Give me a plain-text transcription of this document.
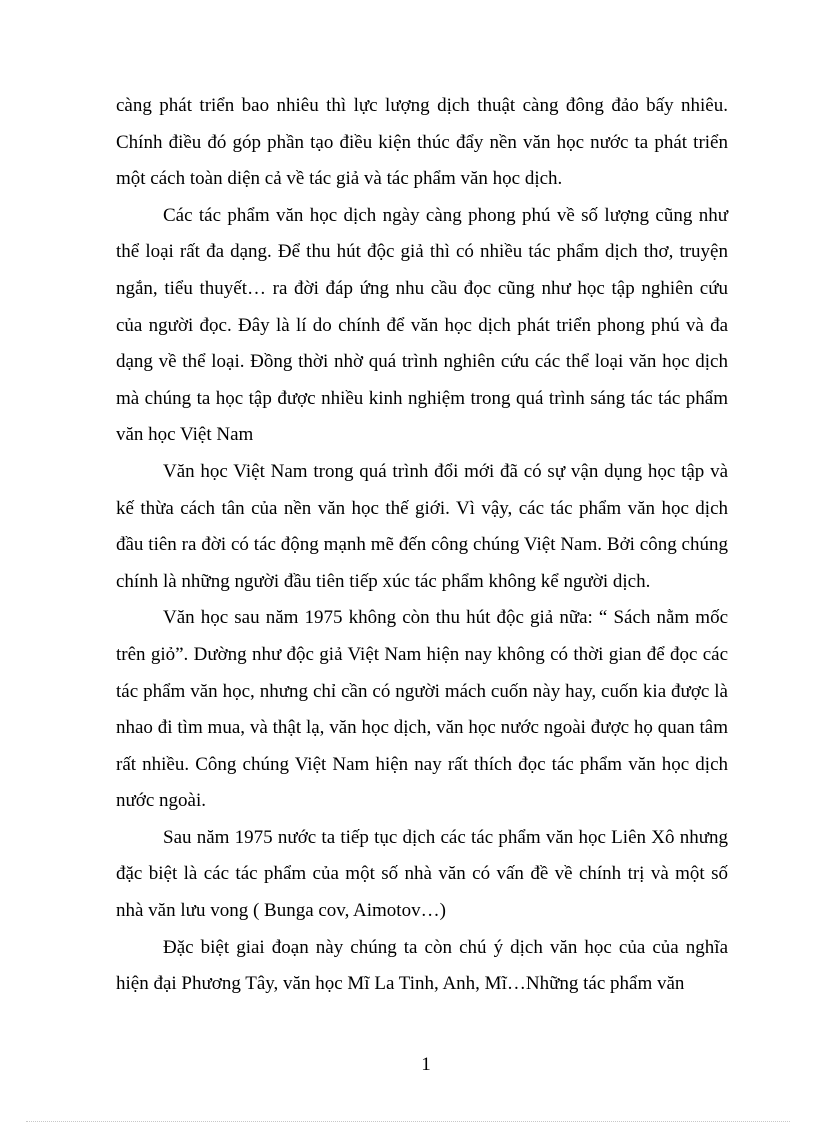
càng phát triển bao nhiêu thì lực lượng dịch thuật càng đông đảo bấy nhiêu. Chính điều đó góp phần tạo điều kiện thúc đẩy nền văn học nước ta phát triển một cách toàn diện cả về tác giả và tác phẩm văn học dịch.

Các tác phẩm văn học dịch ngày càng phong phú về số lượng cũng như thể loại rất đa dạng. Để thu hút độc giả thì có nhiều tác phẩm dịch thơ, truyện ngắn, tiểu thuyết… ra đời đáp ứng nhu cầu đọc cũng như học tập nghiên cứu của người đọc. Đây là lí do chính để văn học dịch phát triển phong phú và đa dạng về thể loại. Đồng thời nhờ quá trình nghiên cứu các thể loại văn học dịch mà chúng ta học tập được nhiều kinh nghiệm trong quá trình sáng tác tác phẩm văn học Việt Nam

Văn học Việt Nam trong quá trình đổi mới đã có sự vận dụng học tập và kế thừa cách tân của nền văn học thế giới. Vì vậy, các tác phẩm văn học dịch đầu tiên ra đời có tác động mạnh mẽ đến công chúng Việt Nam. Bởi công chúng chính là những người đầu tiên tiếp xúc tác phẩm không kể người dịch.

Văn học sau năm 1975 không còn thu hút độc giả nữa: “ Sách nằm mốc trên giỏ”. Dường như độc giả Việt Nam hiện nay không có thời gian để đọc các tác phẩm văn học, nhưng chỉ cần có người mách cuốn này hay, cuốn kia được là nhao đi tìm mua, và thật lạ, văn học dịch, văn học nước ngoài được họ quan tâm rất nhiều. Công chúng Việt Nam hiện nay rất thích đọc tác phẩm văn học dịch nước ngoài.

Sau năm 1975 nước ta tiếp tục dịch các tác phẩm văn học Liên Xô nhưng đặc biệt là các tác phẩm của một số nhà văn có vấn đề về chính trị và một số nhà văn lưu vong ( Bunga cov, Aimotov…)

Đặc biệt giai đoạn này chúng ta còn chú ý dịch văn học của của nghĩa hiện đại Phương Tây, văn học Mĩ La Tinh, Anh, Mĩ…Những tác phẩm văn

1
